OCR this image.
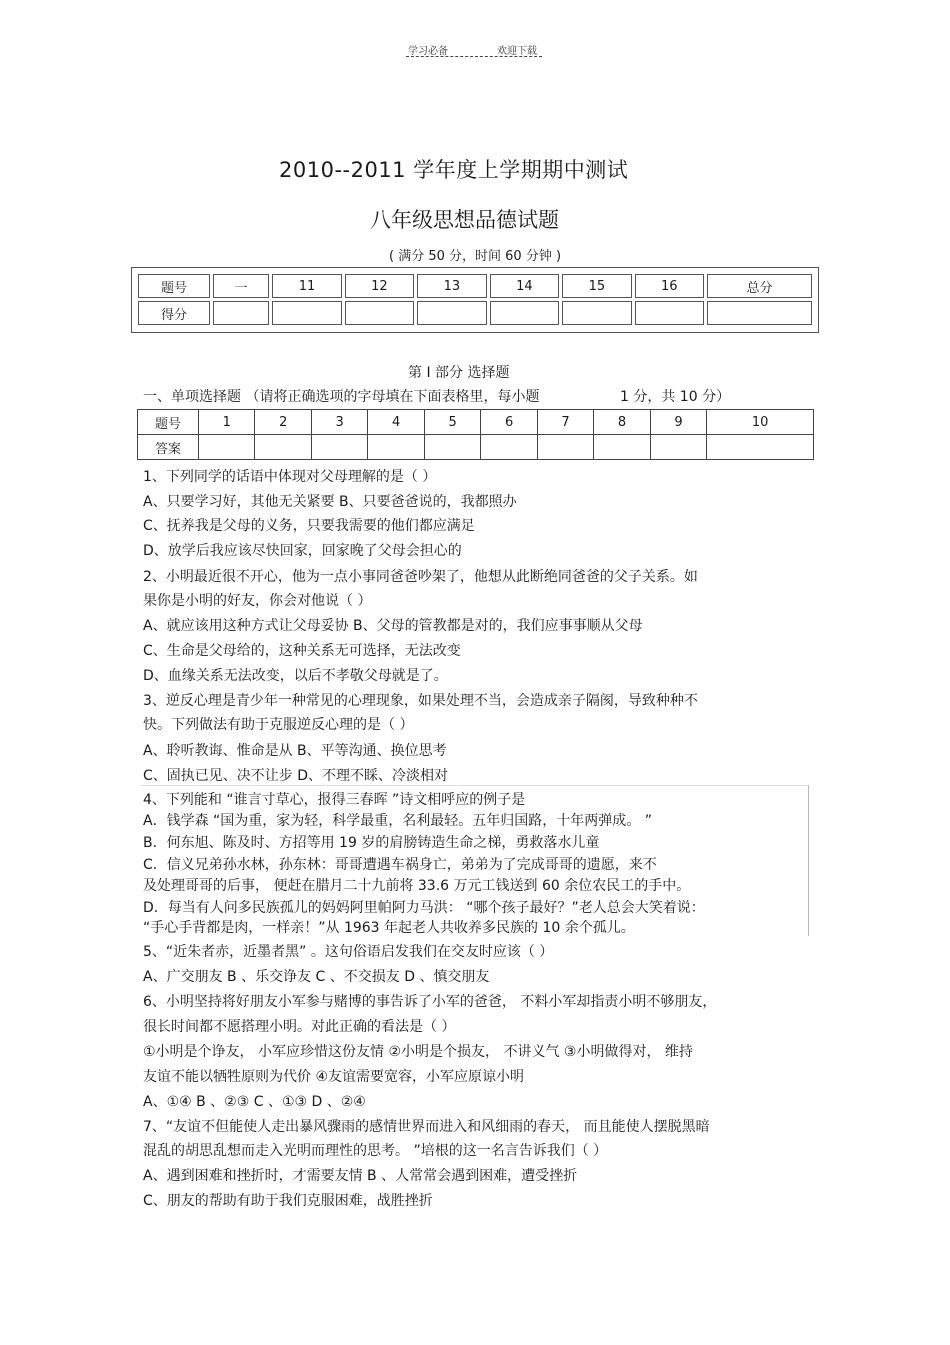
学习必备	欢迎下载
2010--2011 学年度上学期期中测试
八年级思想品德试题
( 满分 50 分，时间 60 分钟 )
题号	一	11	12	13	14	15	16	总分
得分								
第 I 部分 选择题
一、单项选择题 （请将正确选项的字母填在下面表格里，每小题	1 分，共 10 分）
题号	1	2	3	4	5	6	7	8	9	10
答案										
1、下列同学的话语中体现对父母理解的是（ ）
A、只要学习好，其他无关紧要 B、只要爸爸说的，我都照办
C、抚养我是父母的义务，只要我需要的他们都应满足
D、放学后我应该尽快回家，回家晚了父母会担心的
2、小明最近很不开心，他为一点小事同爸爸吵架了，他想从此断绝同爸爸的父子关系。如
果你是小明的好友，你会对他说（ ）
A、就应该用这种方式让父母妥协 B、父母的管教都是对的，我们应事事顺从父母
C、生命是父母给的，这种关系无可选择，无法改变
D、血缘关系无法改变，以后不孝敬父母就是了。
3、逆反心理是青少年一种常见的心理现象，如果处理不当，会造成亲子隔阂，导致种种不
快。下列做法有助于克服逆反心理的是（ ）
A、聆听教诲、惟命是从 B、平等沟通、换位思考
C、固执已见、决不让步 D、不理不睬、冷淡相对
4、下列能和 “谁言寸草心，报得三春晖 ”诗文相呼应的例子是
A．钱学森 “国为重，家为轻，科学最重，名利最轻。五年归国路，十年两弹成。 ”
B．何东旭、陈及时、方招等用 19 岁的肩膀铸造生命之梯，勇救落水儿童
C．信义兄弟孙水林，孙东林：哥哥遭遇车祸身亡，弟弟为了完成哥哥的遗愿，来不
及处理哥哥的后事， 便赶在腊月二十九前将 33.6 万元工钱送到 60 余位农民工的手中。
D．每当有人问多民族孤儿的妈妈阿里帕阿力马洪： “哪个孩子最好？”老人总会大笑着说：
“手心手背都是肉，一样亲！”从 1963 年起老人共收养多民族的 10 余个孤儿。
5、“近朱者赤，近墨者黑” 。这句俗语启发我们在交友时应该（ ）
A、广交朋友 B 、乐交诤友 C 、不交损友 D 、慎交朋友
6、小明坚持将好朋友小军参与赌博的事告诉了小军的爸爸， 不料小军却指责小明不够朋友，
很长时间都不愿搭理小明。对此正确的看法是（ ）
①小明是个诤友， 小军应珍惜这份友情 ②小明是个损友， 不讲义气 ③小明做得对， 维持
友谊不能以牺牲原则为代价 ④友谊需要宽容，小军应原谅小明
A、①④ B 、②③ C 、①③ D 、②④
7、“友谊不但能使人走出暴风骤雨的感情世界而进入和风细雨的春天， 而且能使人摆脱黑暗
混乱的胡思乱想而走入光明而理性的思考。 ”培根的这一名言告诉我们（ ）
A、遇到困难和挫折时，才需要友情 B 、人常常会遇到困难，遭受挫折
C、朋友的帮助有助于我们克服困难，战胜挫折
